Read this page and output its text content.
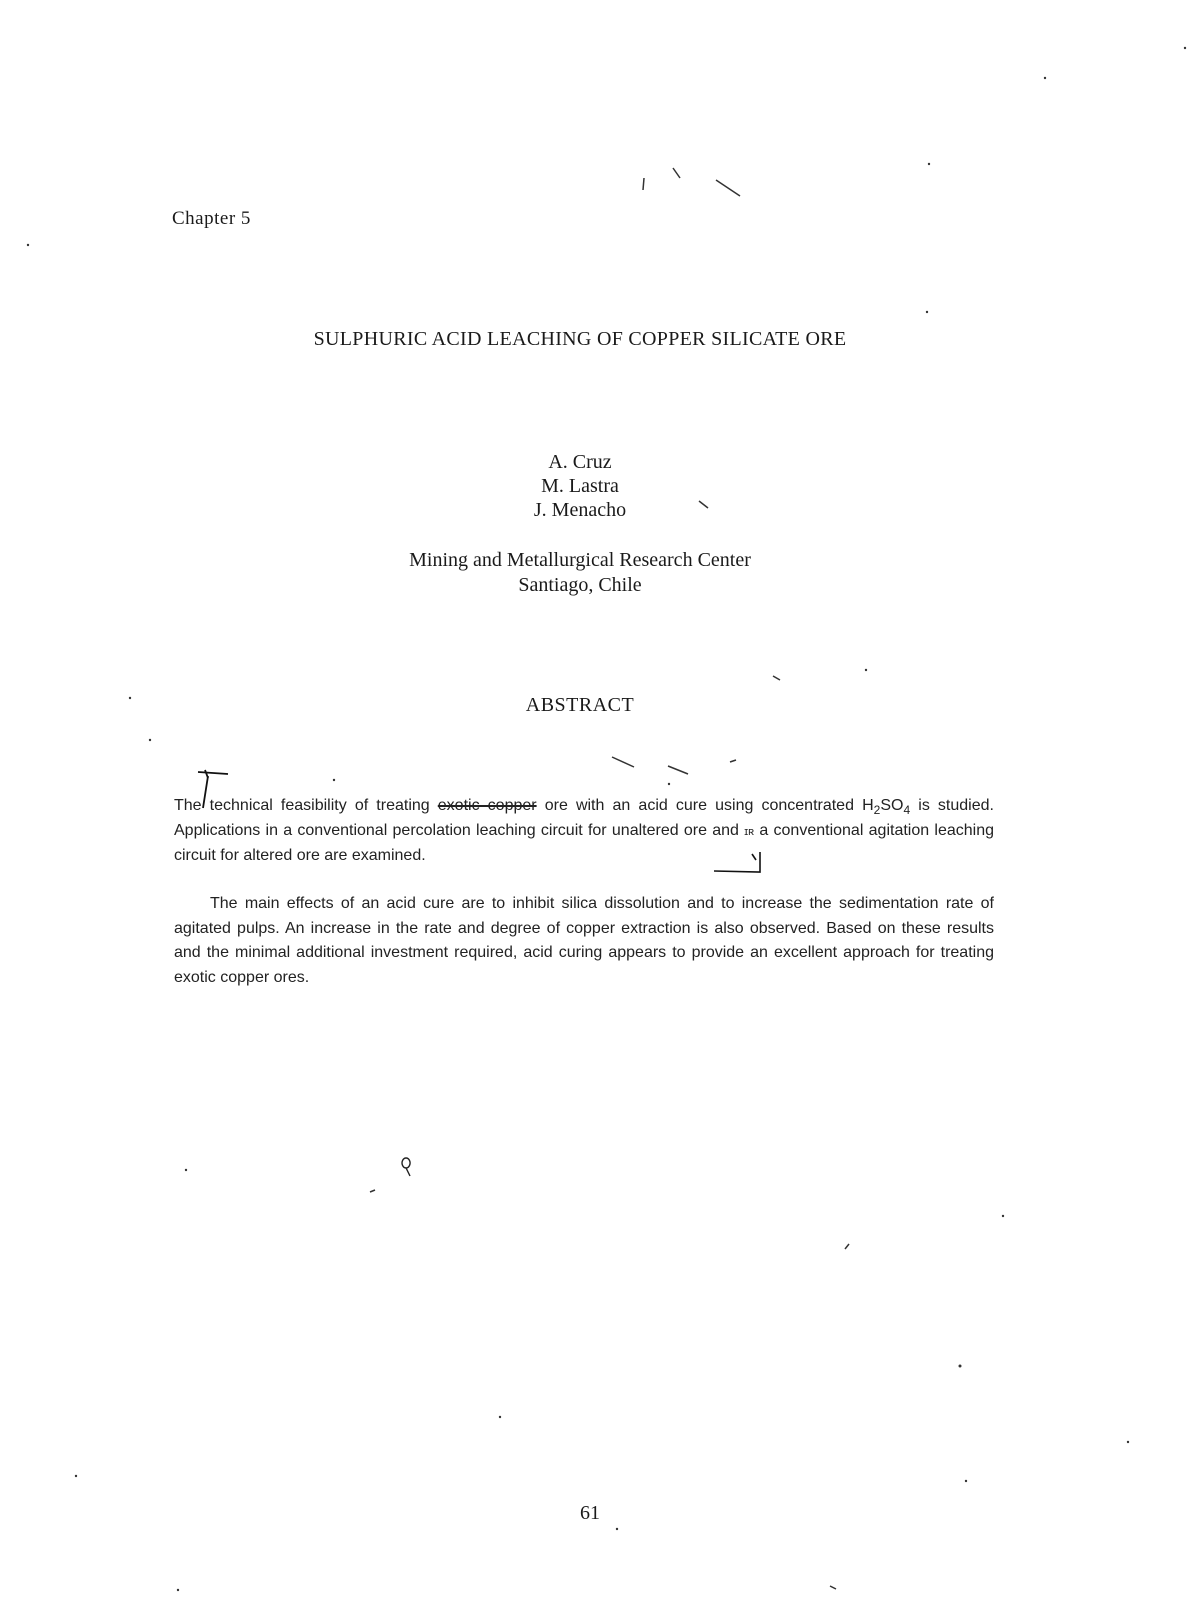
Chapter 5
SULPHURIC ACID LEACHING OF COPPER SILICATE ORE
A. Cruz
M. Lastra
J. Menacho
Mining and Metallurgical Research Center
Santiago, Chile
ABSTRACT
The technical feasibility of treating exotic copper ore with an acid cure using concentrated $H_2SO_4$ is studied. Applications in a conventional percolation leaching circuit for unaltered ore and ɪʀ a conventional agitation leaching circuit for altered ore are examined.
The main effects of an acid cure are to inhibit silica dissolution and to increase the sedimentation rate of agitated pulps. An increase in the rate and degree of copper extraction is also observed. Based on these results and the minimal additional investment required, acid curing appears to provide an excellent approach for treating exotic copper ores.
61
